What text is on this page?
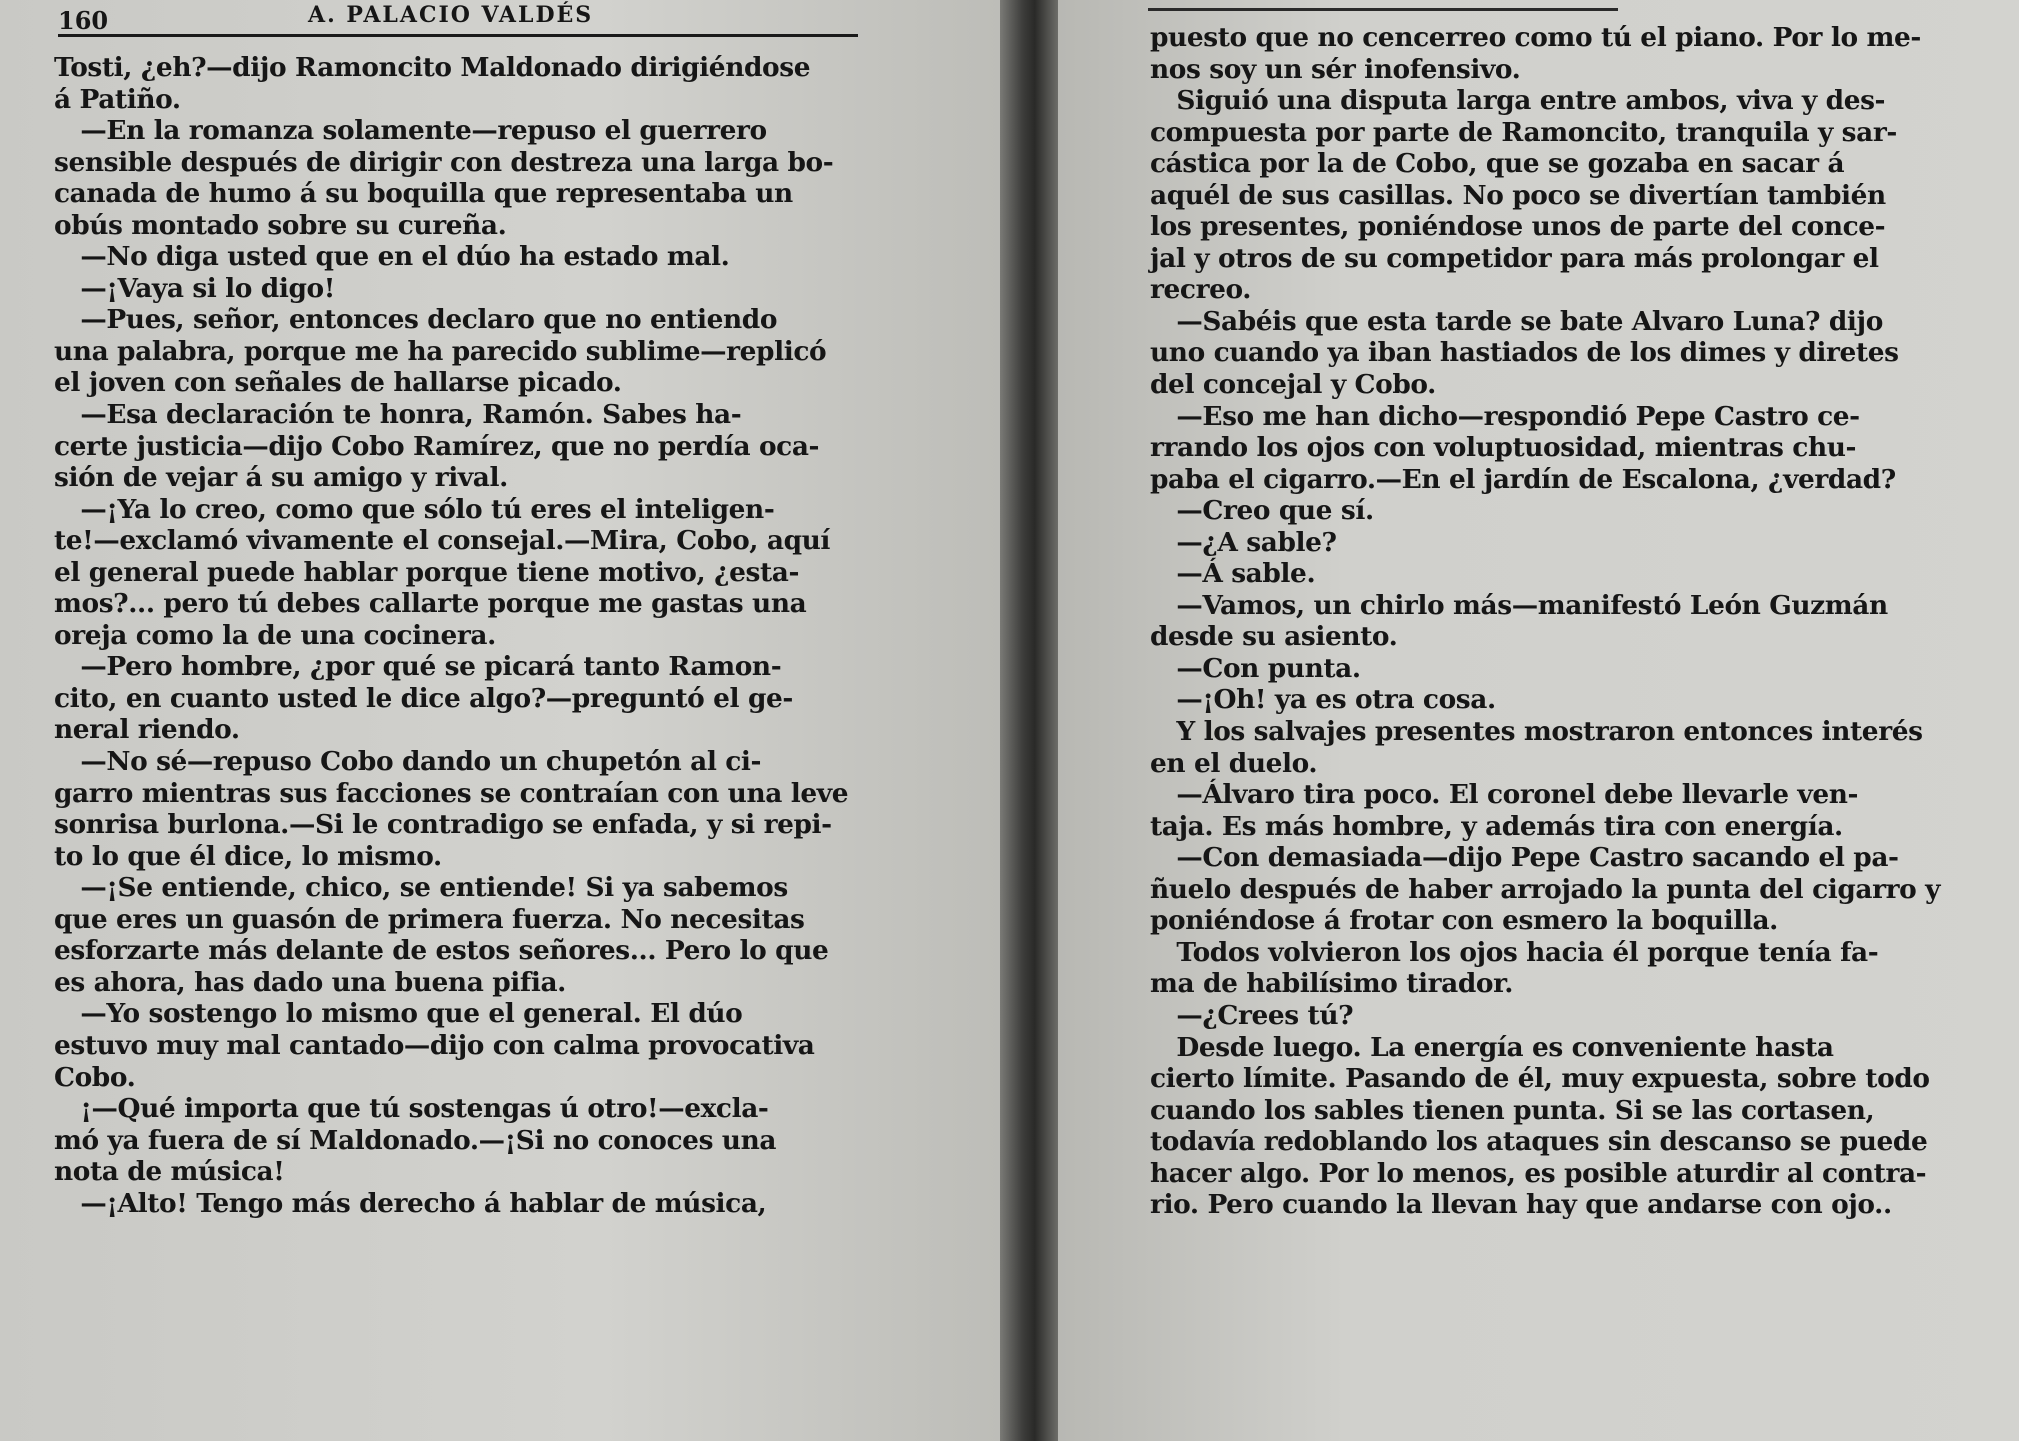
160	A. PALACIO VALDÉS
Tosti, ¿eh?—dijo Ramoncito Maldonado dirigiéndose
á Patiño.
—En la romanza solamente—repuso el guerrero
sensible después de dirigir con destreza una larga bo-
canada de humo á su boquilla que representaba un
obús montado sobre su cureña.
—No diga usted que en el dúo ha estado mal.
—¡Vaya si lo digo!
—Pues, señor, entonces declaro que no entiendo
una palabra, porque me ha parecido sublime—replicó
el joven con señales de hallarse picado.
—Esa declaración te honra, Ramón. Sabes ha-
certe justicia—dijo Cobo Ramírez, que no perdía oca-
sión de vejar á su amigo y rival.
—¡Ya lo creo, como que sólo tú eres el inteligen-
te!—exclamó vivamente el consejal.—Mira, Cobo, aquí
el general puede hablar porque tiene motivo, ¿esta-
mos?... pero tú debes callarte porque me gastas una
oreja como la de una cocinera.
—Pero hombre, ¿por qué se picará tanto Ramon-
cito, en cuanto usted le dice algo?—preguntó el ge-
neral riendo.
—No sé—repuso Cobo dando un chupetón al ci-
garro mientras sus facciones se contraían con una leve
sonrisa burlona.—Si le contradigo se enfada, y si repi-
to lo que él dice, lo mismo.
—¡Se entiende, chico, se entiende! Si ya sabemos
que eres un guasón de primera fuerza. No necesitas
esforzarte más delante de estos señores... Pero lo que
es ahora, has dado una buena pifia.
—Yo sostengo lo mismo que el general. El dúo
estuvo muy mal cantado—dijo con calma provocativa
Cobo.
¡—Qué importa que tú sostengas ú otro!—excla-
mó ya fuera de sí Maldonado.—¡Si no conoces una
nota de música!
—¡Alto! Tengo más derecho á hablar de música,
puesto que no cencerreo como tú el piano. Por lo me-
nos soy un sér inofensivo.
Siguió una disputa larga entre ambos, viva y des-
compuesta por parte de Ramoncito, tranquila y sar-
cástica por la de Cobo, que se gozaba en sacar á
aquél de sus casillas. No poco se divertían también
los presentes, poniéndose unos de parte del conce-
jal y otros de su competidor para más prolongar el
recreo.
—Sabéis que esta tarde se bate Alvaro Luna? dijo
uno cuando ya iban hastiados de los dimes y diretes
del concejal y Cobo.
—Eso me han dicho—respondió Pepe Castro ce-
rrando los ojos con voluptuosidad, mientras chu-
paba el cigarro.—En el jardín de Escalona, ¿verdad?
—Creo que sí.
—¿A sable?
—Á sable.
—Vamos, un chirlo más—manifestó León Guzmán
desde su asiento.
—Con punta.
—¡Oh! ya es otra cosa.
Y los salvajes presentes mostraron entonces interés
en el duelo.
—Álvaro tira poco. El coronel debe llevarle ven-
taja. Es más hombre, y además tira con energía.
—Con demasiada—dijo Pepe Castro sacando el pa-
ñuelo después de haber arrojado la punta del cigarro y
poniéndose á frotar con esmero la boquilla.
Todos volvieron los ojos hacia él porque tenía fa-
ma de habilísimo tirador.
—¿Crees tú?
Desde luego. La energía es conveniente hasta
cierto límite. Pasando de él, muy expuesta, sobre todo
cuando los sables tienen punta. Si se las cortasen,
todavía redoblando los ataques sin descanso se puede
hacer algo. Por lo menos, es posible aturdir al contra-
rio. Pero cuando la llevan hay que andarse con ojo..
